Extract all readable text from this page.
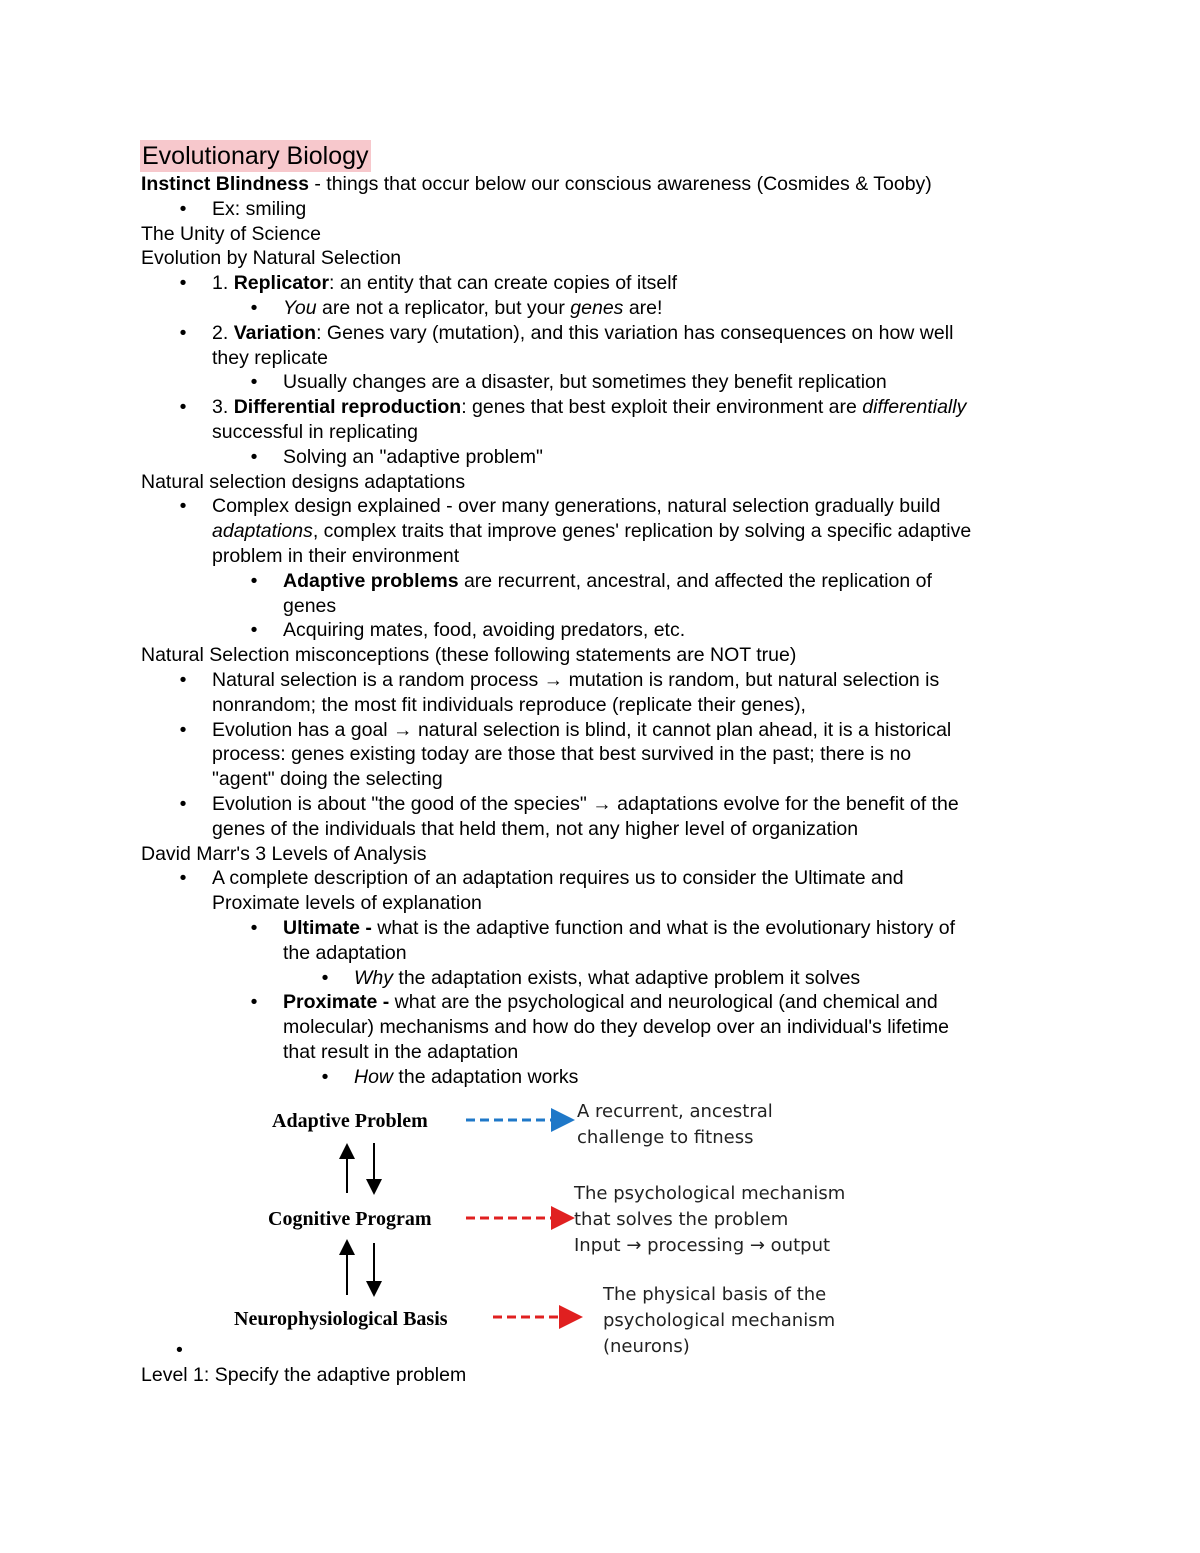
Evolutionary Biology
Instinct Blindness - things that occur below our conscious awareness (Cosmides & Tooby)
• Ex: smiling
The Unity of Science
Evolution by Natural Selection
• 1. Replicator: an entity that can create copies of itself
• You are not a replicator, but your genes are!
• 2. Variation: Genes vary (mutation), and this variation has consequences on how well
they replicate
• Usually changes are a disaster, but sometimes they benefit replication
• 3. Differential reproduction: genes that best exploit their environment are differentially
successful in replicating
• Solving an "adaptive problem"
Natural selection designs adaptations
• Complex design explained - over many generations, natural selection gradually build
adaptations, complex traits that improve genes' replication by solving a specific adaptive
problem in their environment
• Adaptive problems are recurrent, ancestral, and affected the replication of
genes
• Acquiring mates, food, avoiding predators, etc.
Natural Selection misconceptions (these following statements are NOT true)
• Natural selection is a random process → mutation is random, but natural selection is
nonrandom; the most fit individuals reproduce (replicate their genes),
• Evolution has a goal → natural selection is blind, it cannot plan ahead, it is a historical
process: genes existing today are those that best survived in the past; there is no
"agent" doing the selecting
• Evolution is about "the good of the species" → adaptations evolve for the benefit of the
genes of the individuals that held them, not any higher level of organization
David Marr's 3 Levels of Analysis
• A complete description of an adaptation requires us to consider the Ultimate and
Proximate levels of explanation
• Ultimate - what is the adaptive function and what is the evolutionary history of
the adaptation
• Why the adaptation exists, what adaptive problem it solves
• Proximate - what are the psychological and neurological (and chemical and
molecular) mechanisms and how do they develop over an individual's lifetime
that result in the adaptation
• How the adaptation works
Adaptive Problem
Cognitive Program
Neurophysiological Basis
A recurrent, ancestral
challenge to fitness
The psychological mechanism
that solves the problem
Input → processing → output
The physical basis of the
psychological mechanism
(neurons)
•
Level 1: Specify the adaptive problem
